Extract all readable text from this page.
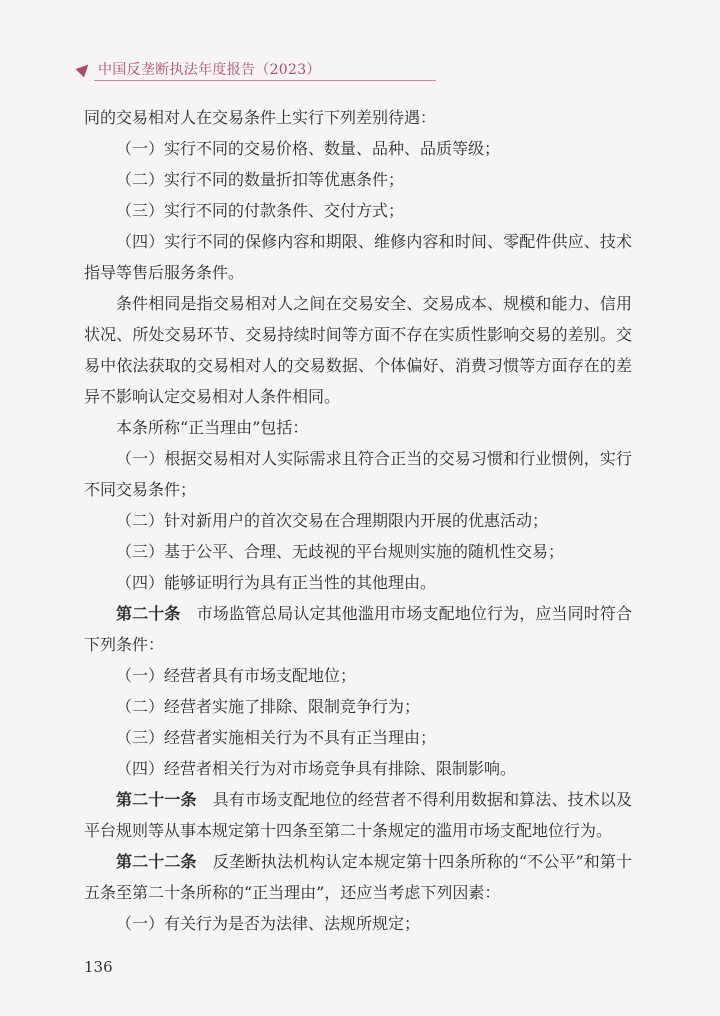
中国反垄断执法年度报告（2023）

同的交易相对人在交易条件上实行下列差别待遇：

（一）实行不同的交易价格、数量、品种、品质等级；

（二）实行不同的数量折扣等优惠条件；

（三）实行不同的付款条件、交付方式；

（四）实行不同的保修内容和期限、维修内容和时间、零配件供应、技术指导等售后服务条件。

条件相同是指交易相对人之间在交易安全、交易成本、规模和能力、信用状况、所处交易环节、交易持续时间等方面不存在实质性影响交易的差别。交易中依法获取的交易相对人的交易数据、个体偏好、消费习惯等方面存在的差异不影响认定交易相对人条件相同。

本条所称“正当理由”包括：

（一）根据交易相对人实际需求且符合正当的交易习惯和行业惯例，实行不同交易条件；

（二）针对新用户的首次交易在合理期限内开展的优惠活动；

（三）基于公平、合理、无歧视的平台规则实施的随机性交易；

（四）能够证明行为具有正当性的其他理由。

第二十条　 市场监管总局认定其他滥用市场支配地位行为，应当同时符合下列条件：

（一）经营者具有市场支配地位；

（二）经营者实施了排除、限制竞争行为；

（三）经营者实施相关行为不具有正当理由；

（四）经营者相关行为对市场竞争具有排除、限制影响。

第二十一条　 具有市场支配地位的经营者不得利用数据和算法、技术以及平台规则等从事本规定第十四条至第二十条规定的滥用市场支配地位行为。

第二十二条　 反垄断执法机构认定本规定第十四条所称的“不公平”和第十五条至第二十条所称的“正当理由”，还应当考虑下列因素：

（一）有关行为是否为法律、法规所规定；

136
